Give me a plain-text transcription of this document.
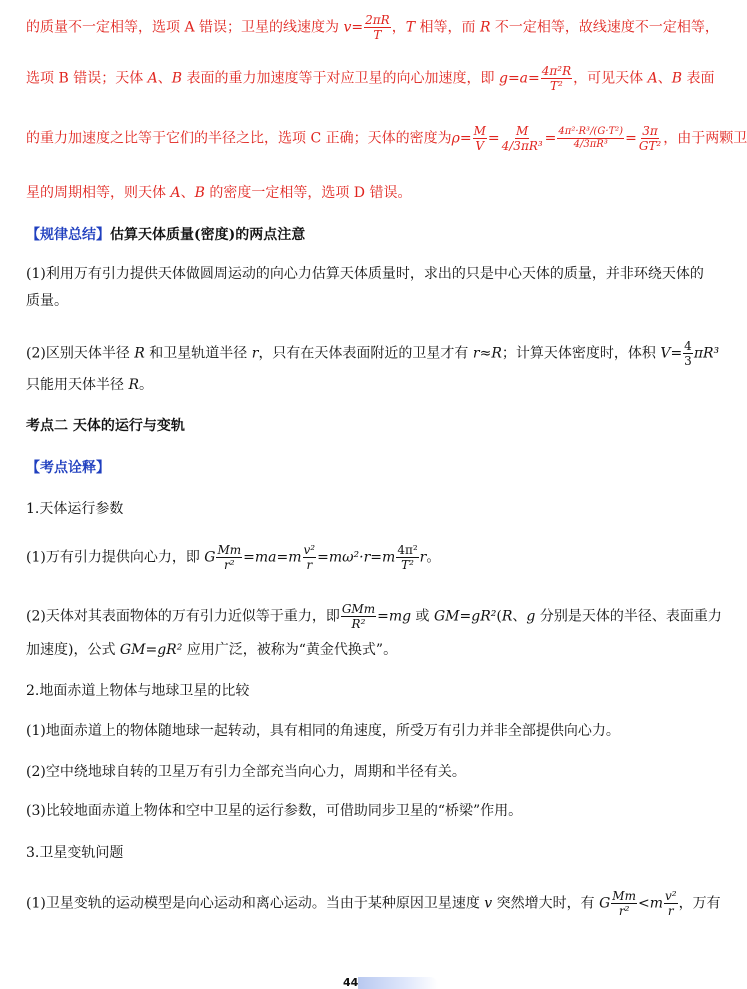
的质量不一定相等，选项 A 错误；卫星的线速度为 $v= \frac{2\pi R}{T}$ ，T 相等，而 R 不一定相等，故线速度不一定相等，
选项 B 错误；天体 A、B 表面的重力加速度等于对应卫星的向心加速度，即 $g=a= \frac{\text{4π²R}}{\text{T²}}$ ，可见天体 A、B 表面
的重力加速度之比等于它们的半径之比，选项 C 正确；天体的密度为$\rho= \frac{M}{V} = \frac{M}{\text{4/3πR³}} = \frac{\text{4π²·R³/(G·T²)}}{\text{4/3πR³}} = \frac{3\pi}{\text{GT²}}$ ，由于两颗卫
星的周期相等，则天体 A、B 的密度一定相等，选项 D 错误。
【规律总结】估算天体质量(密度)的两点注意
(1)利用万有引力提供天体做圆周运动的向心力估算天体质量时，求出的只是中心天体的质量，并非环绕天体的
质量。
(2)区别天体半径 R 和卫星轨道半径 r，只有在天体表面附近的卫星才有 r≈R；计算天体密度时，体积 $V= \frac{4}{3} \pi R^3$
只能用天体半径 R。
考点二 天体的运行与变轨
【考点诠释】
1.天体运行参数
(1)万有引力提供向心力，即 G $\frac{Mm}{\text{r²}} =ma=m \frac{\text{v²}}{r} =m\omega^2\cdot r=m \frac{\text{4π²}}{\text{T²}}$ r。
(2)天体对其表面物体的万有引力近似等于重力，即 $\frac{\text{GMm}}{\text{R²}} =mg$ 或 GM=gR²(R、g 分别是天体的半径、表面重力
加速度)，公式 GM=gR² 应用广泛，被称为“黄金代换式”。
2.地面赤道上物体与地球卫星的比较
(1)地面赤道上的物体随地球一起转动，具有相同的角速度，所受万有引力并非全部提供向心力。
(2)空中绕地球自转的卫星万有引力全部充当向心力，周期和半径有关。
(3)比较地面赤道上物体和空中卫星的运行参数，可借助同步卫星的“桥梁”作用。
3.卫星变轨问题
(1)卫星变轨的运动模型是向心运动和离心运动。当由于某种原因卫星速度 v 突然增大时，有 G $\frac{Mm}{\text{r²}} <m \frac{\text{v²}}{r}$ ，万有
44
